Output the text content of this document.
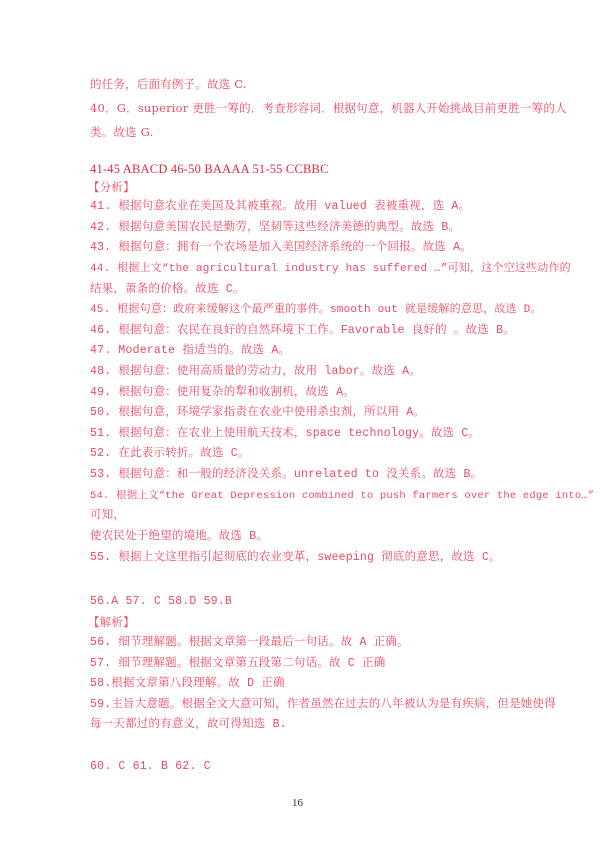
的任务，后面有例子。故选 C.
40．G．superior 更胜一筹的．考查形容词．根据句意，机器人开始挑战目前更胜一筹的人
类。故选 G.
41-45 ABACD 46-50 BAAAA 51-55 CCBBC
【分析】
41. 根据句意农业在美国及其被重视。故用 valued 表被重视，选 A。
42. 根据句意美国农民是勤劳，坚韧等这些经济美德的典型。故选 B。
43. 根据句意：拥有一个农场是加入美国经济系统的一个回报。故选 A。
44. 根据上文“the agricultural industry has suffered …”可知，这个空这些动作的
结果，萧条的价格。故选 C。
45. 根据句意：政府来缓解这个最严重的事件。smooth out 就是缓解的意思，故选 D。
46. 根据句意：农民在良好的自然环境下工作。Favorable 良好的 。故选 B。
47. Moderate 指适当的。故选 A。
48. 根据句意：使用高质量的劳动力，故用 labor。故选 A。
49. 根据句意：使用复杂的犁和收割机，故选 A。
50. 根据句意，环境学家指责在农业中使用杀虫剂，所以用 A。
51. 根据句意：在农业上使用航天技术，space technology。故选 C。
52. 在此表示转折。故选 C。
53. 根据句意：和一般的经济没关系。unrelated to 没关系。故选 B。
54. 根据上文“the Great Depression combined to push farmers over the edge into…”
可知，
使农民处于绝望的境地。故选 B。
55. 根据上文这里指引起彻底的农业变革，sweeping 彻底的意思，故选 C。
56.A 57. C 58.D 59.B
【解析】
56. 细节理解题。根据文章第一段最后一句话。故 A 正确。
57. 细节理解题。根据文章第五段第二句话。故 C 正确
58.根据文章第八段理解。故 D 正确
59.主旨大意题。根据全文大意可知，作者虽然在过去的八年被认为是有疾病，但是她使得
每一天都过的有意义，故可得知选 B.
60. C 61. B 62. C
16
